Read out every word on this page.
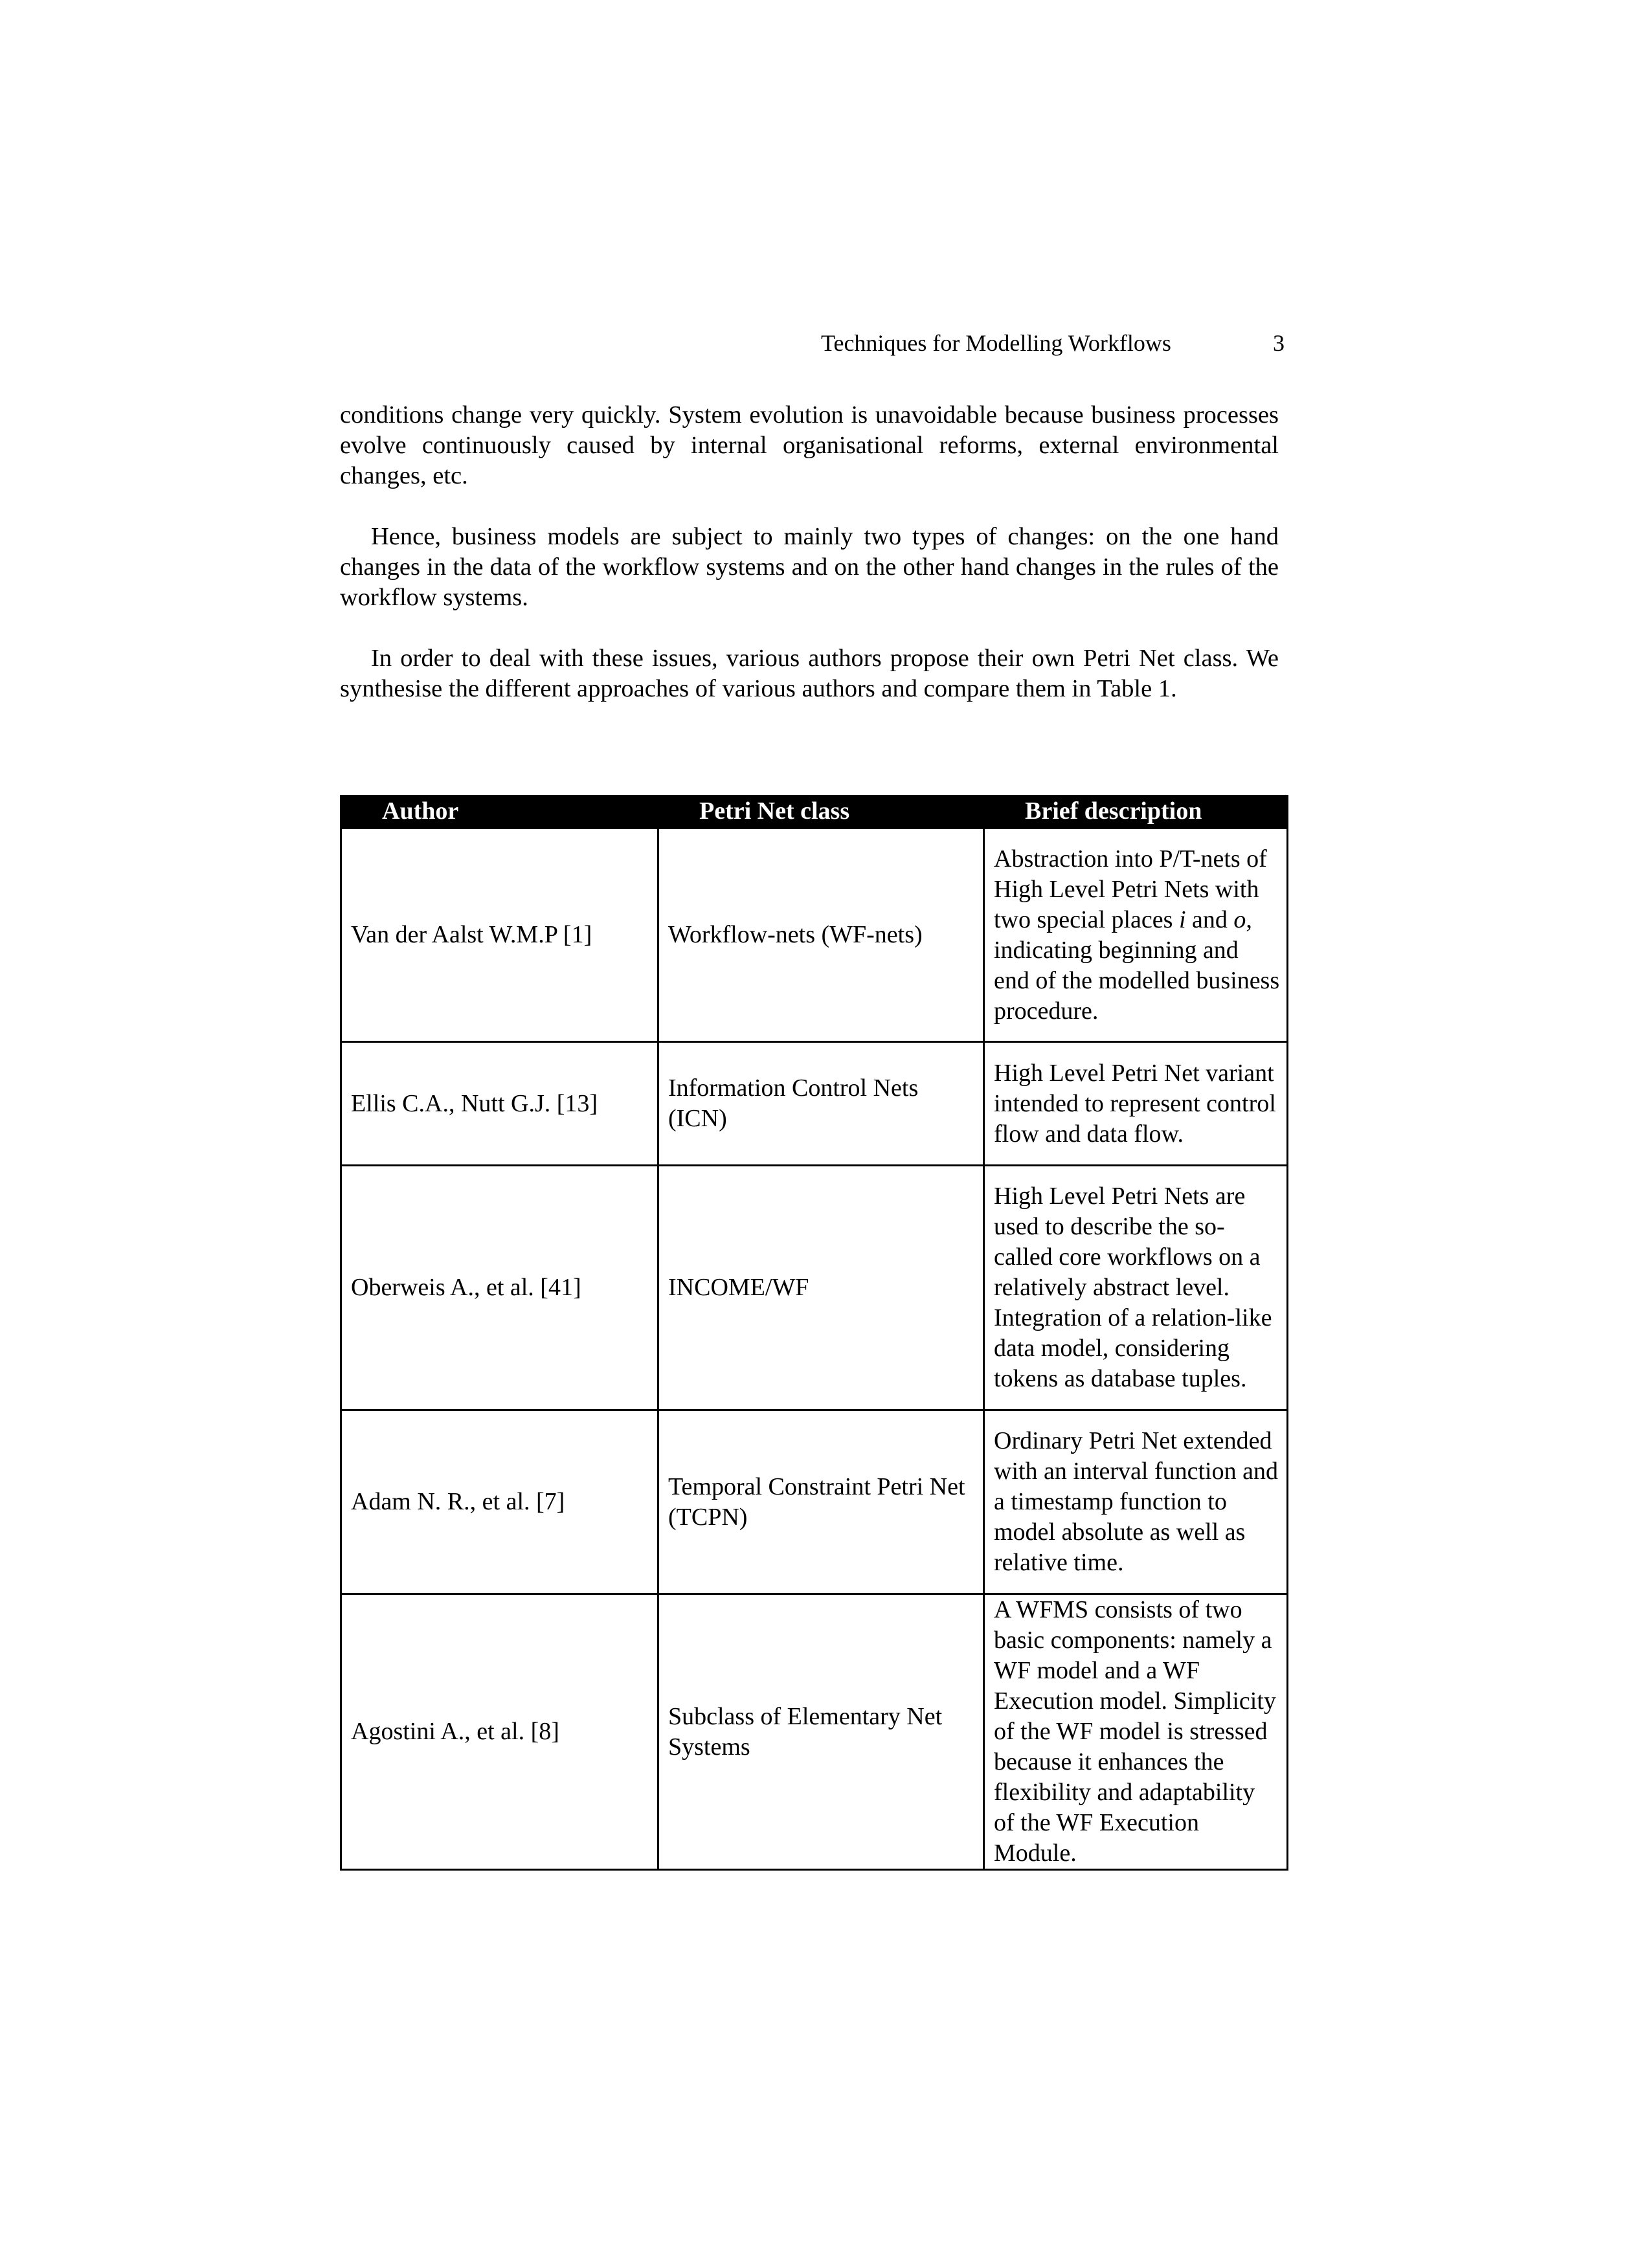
Techniques for Modelling Workflows	3

conditions change very quickly. System evolution is unavoidable because business processes evolve continuously caused by internal organisational reforms, external environmental changes, etc.

Hence, business models are subject to mainly two types of changes: on the one hand changes in the data of the workflow systems and on the other hand changes in the rules of the workflow systems.

In order to deal with these issues, various authors propose their own Petri Net class. We synthesise the different approaches of various authors and compare them in Table 1.

Author	Petri Net class	Brief description
Van der Aalst W.M.P [1]	Workflow-nets (WF-nets)	Abstraction into P/T-nets of High Level Petri Nets with two special places i and o, indicating beginning and end of the modelled business procedure.
Ellis C.A., Nutt G.J. [13]	Information Control Nets (ICN)	High Level Petri Net variant intended to represent control flow and data flow.
Oberweis A., et al. [41]	INCOME/WF	High Level Petri Nets are used to describe the so-called core workflows on a relatively abstract level. Integration of a relation-like data model, considering tokens as database tuples.
Adam N. R., et al. [7]	Temporal Constraint Petri Net (TCPN)	Ordinary Petri Net extended with an interval function and a timestamp function to model absolute as well as relative time.
Agostini A., et al. [8]	Subclass of Elementary Net Systems	A WFMS consists of two basic components: namely a WF model and a WF Execution model. Simplicity of the WF model is stressed because it enhances the flexibility and adaptability of the WF Execution Module.
